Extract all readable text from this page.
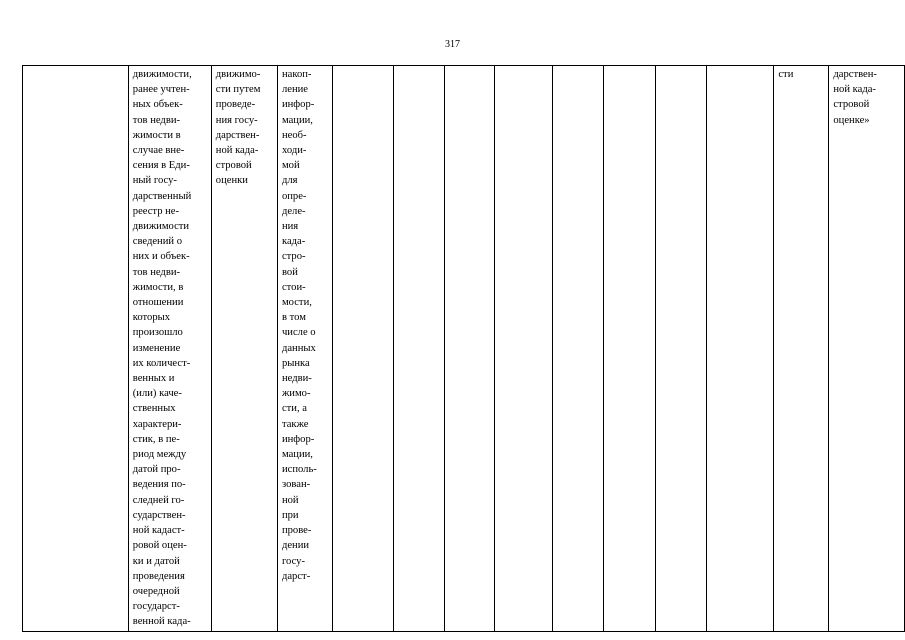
317
	движимости,
ранее учтен-
ных объек-
тов недви-
жимости в
случае вне-
сения в Еди-
ный госу-
дарственный
реестр не-
движимости
сведений о
них и объек-
тов недви-
жимости, в
отношении
которых
произошло
изменение
их количест-
венных и
(или) каче-
ственных
характери-
стик, в пе-
риод между
датой про-
ведения по-
следней го-
сударствен-
ной кадаст-
ровой оцен-
ки и датой
проведения
очередной
государст-
венной када-	движимо-
сти путем
проведе-
ния госу-
дарствен-
ной када-
стровой
оценки	накоп-
ление
инфор-
мации,
необ-
ходи-
мой
для
опре-
деле-
ния
када-
стро-
вой
стои-
мости,
в том
числе о
данных
рынка
недви-
жимо-
сти, а
также
инфор-
мации,
исполь-
зован-
ной
при
прове-
дении
госу-
дарст-									сти	дарствен-
ной када-
стровой
оценке»
